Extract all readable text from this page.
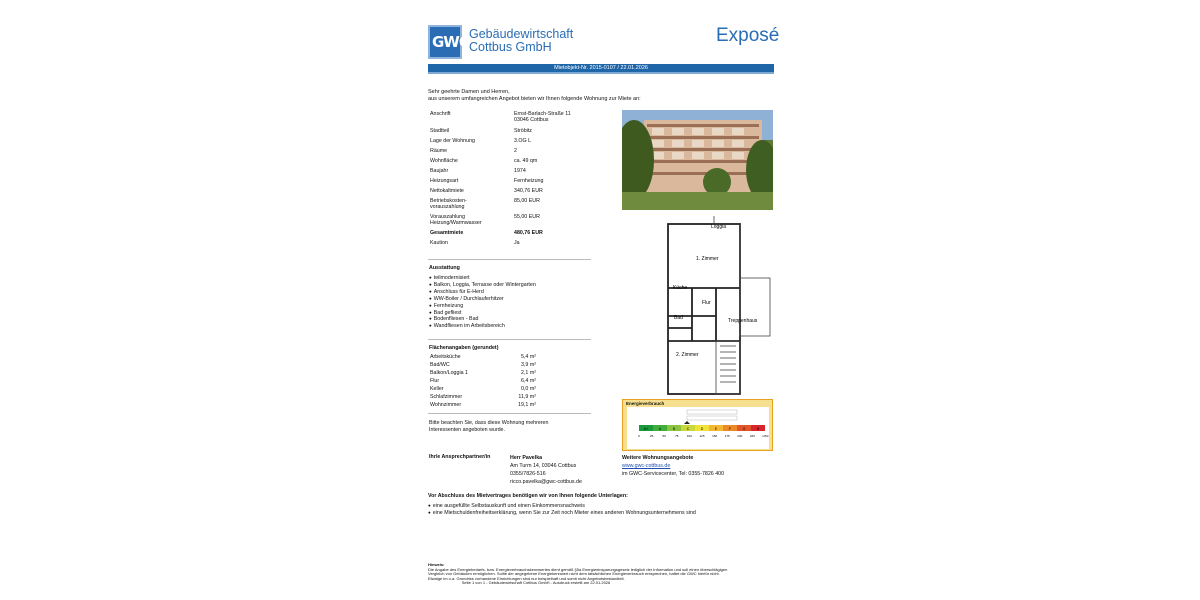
GWC Gebäudewirtschaft
Cottbus GmbH
Exposé
Mietobjekt-Nr. 2015-0107 / 22.01.2026
Sehr geehrte Damen und Herren,
aus unserem umfangreichen Angebot bieten wir Ihnen folgende Wohnung zur Miete an:
Anschrift	Ernst-Barlach-Straße 11
03046 Cottbus

Stadtteil	Ströbitz

Lage der Wohnung	3.OG L

Räume	2

Wohnfläche	ca. 49 qm

Baujahr	1974

Heizungsart	Fernheizung

Nettokaltmiete	340,76 EUR

Betriebskosten-
vorauszahlung	85,00 EUR

Vorauszahlung
Heizung/Warmwasser	55,00 EUR

Gesamtmiete	480,76 EUR

Kaution	Ja

Ausstattung
● teilmodernisiert
● Balkon, Loggia, Terrasse oder Wintergarten
● Anschluss für E-Herd
● WW-Boiler / Durchlauferhitzer
● Fernheizung
● Bad gefliest
● Bodenfliesen - Bad
● Wandfliesen im Arbeitsbereich
Flächenangaben (gerundet)
Arbeitsküche	5,4 m²
Bad/WC	3,9 m²
Balkon/Loggia 1	2,1 m²
Flur	6,4 m²
Keller	0,0 m²
Schlafzimmer	11,9 m²
Wohnzimmer	19,1 m²
Bitte beachten Sie, dass diese Wohnung mehreren
Interessenten angeboten wurde.
Ihr/e Ansprechpartner/in	Herr Pavelka
Am Turm 14, 03046 Cottbus
0355/7826-516
ricco.pavelka@gwc-cottbus.de
Weitere Wohnungsangebote
www.gwc-cottbus.de
im GWC-Servicecenter, Tel: 0355-7826 400
Vor Abschluss des Mietvertrages benötigen wir von Ihnen folgende Unterlagen:
● eine ausgefüllte Selbstauskunft und einen Einkommensnachweis
● eine Mietschuldenfreiheitserklärung, wenn Sie zur Zeit noch Mieter eines anderen Wohnungsunternehmens sind
Loggia
1. Zimmer
Küche
Flur
Bad	Treppenhaus
2. Zimmer
Energieverbrauch
A+	A	B	C	D	E	F	G	H
0	25	50	75	100	125	150	175	200	225 >250
Hinweis:
Die Angabe des Energiebedarfs- bzw. Energieverbrauchskennwertes dient gemäß §5a Energieeinsparungsgesetz lediglich der Information und soll einen überschlägigen
Vergleich von Gebäuden ermöglichen. Sollte der angegebene Energiekennwert nicht dem tatsächlichen Energieverbrauch entsprechen, haftet die GWC hierfür nicht.
Etwaige im o.a. Grundriss vorhandene Einrichtungen sind nur beispielhaft und somit nicht Angebotsbestandteil.
Seite 1 von 1 - Gebäudewirtschaft Cottbus GmbH - Ausdruck erstellt am 22.01.2026
